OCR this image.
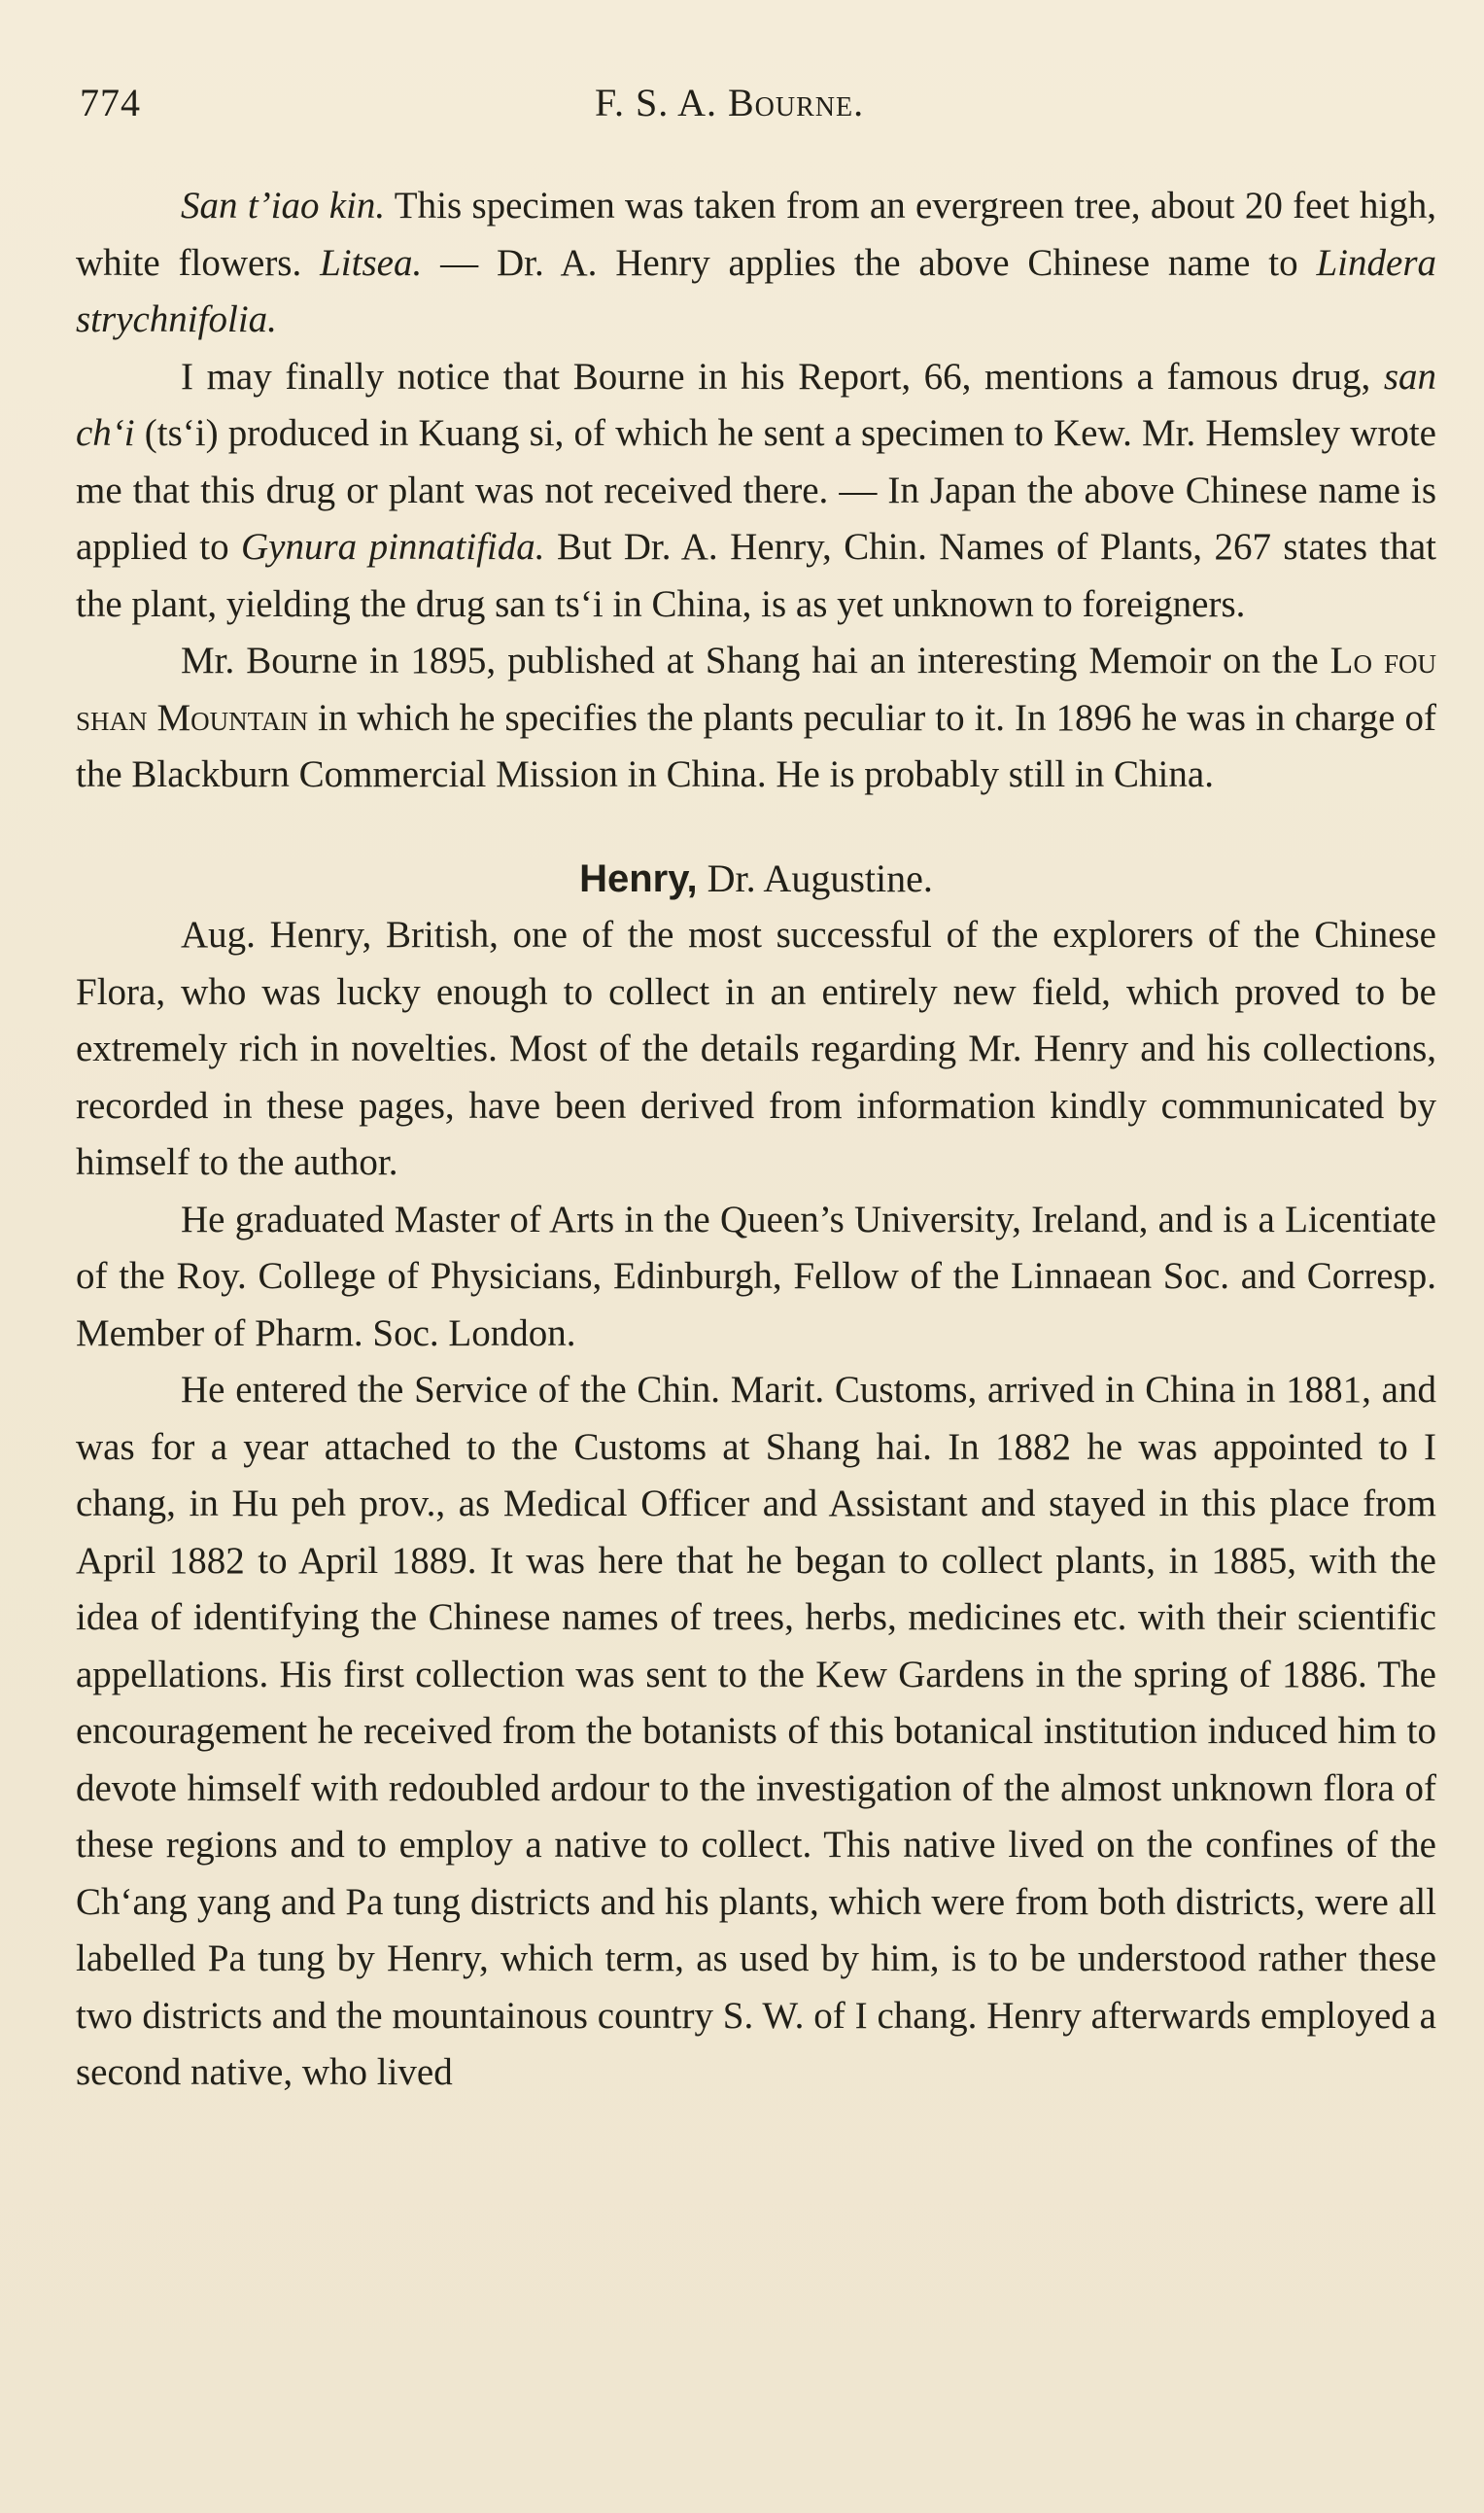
774	F. S. A. Bourne.

San tʼiao kin. This specimen was taken from an evergreen tree, about 20 feet high, white flowers. Litsea. — Dr. A. Henry applies the above Chinese name to Lindera strychnifolia.

I may finally notice that Bourne in his Report, 66, mentions a famous drug, san chʻi (tsʻi) produced in Kuang si, of which he sent a specimen to Kew. Mr. Hemsley wrote me that this drug or plant was not received there. — In Japan the above Chinese name is applied to Gynura pinnatifida. But Dr. A. Henry, Chin. Names of Plants, 267 states that the plant, yielding the drug san tsʻi in China, is as yet unknown to foreigners.

Mr. Bourne in 1895, published at Shang hai an interesting Memoir on the Lo fou shan Mountain in which he specifies the plants peculiar to it. In 1896 he was in charge of the Blackburn Commercial Mission in China. He is probably still in China.

Henry, Dr. Augustine.

Aug. Henry, British, one of the most successful of the explorers of the Chinese Flora, who was lucky enough to collect in an entirely new field, which proved to be extremely rich in novelties. Most of the details regarding Mr. Henry and his collections, recorded in these pages, have been derived from information kindly communicated by himself to the author.

He graduated Master of Arts in the Queen’s University, Ireland, and is a Licentiate of the Roy. College of Physicians, Edinburgh, Fellow of the Linnaean Soc. and Corresp. Member of Pharm. Soc. London.

He entered the Service of the Chin. Marit. Customs, arrived in China in 1881, and was for a year attached to the Customs at Shang hai. In 1882 he was appointed to I chang, in Hu peh prov., as Medical Officer and Assistant and stayed in this place from April 1882 to April 1889. It was here that he began to collect plants, in 1885, with the idea of identifying the Chinese names of trees, herbs, medicines etc. with their scientific appellations. His first collection was sent to the Kew Gardens in the spring of 1886. The encouragement he received from the botanists of this botanical institution induced him to devote himself with redoubled ardour to the investigation of the almost unknown flora of these regions and to employ a native to collect. This native lived on the confines of the Chʻang yang and Pa tung districts and his plants, which were from both districts, were all labelled Pa tung by Henry, which term, as used by him, is to be understood rather these two districts and the mountainous country S. W. of I chang. Henry afterwards employed a second native, who lived
